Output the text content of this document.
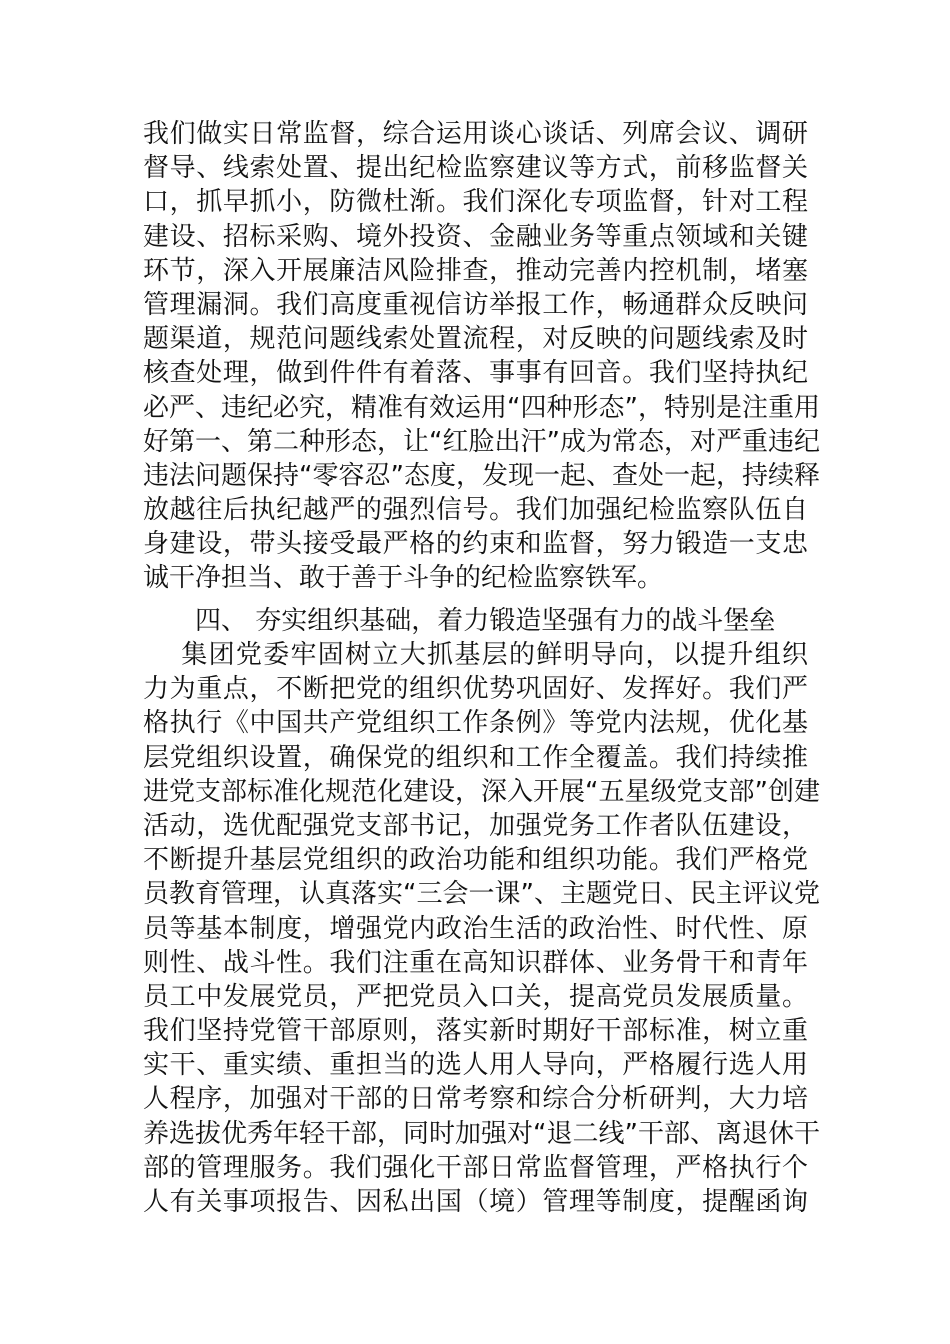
我们做实日常监督，综合运用谈心谈话、列席会议、调研
督导、线索处置、提出纪检监察建议等方式，前移监督关
口，抓早抓小，防微杜渐。我们深化专项监督，针对工程
建设、招标采购、境外投资、金融业务等重点领域和关键
环节，深入开展廉洁风险排查，推动完善内控机制，堵塞
管理漏洞。我们高度重视信访举报工作，畅通群众反映问
题渠道，规范问题线索处置流程，对反映的问题线索及时
核查处理，做到件件有着落、事事有回音。我们坚持执纪
必严、违纪必究，精准有效运用“四种形态”，特别是注重用
好第一、第二种形态，让“红脸出汗”成为常态，对严重违纪
违法问题保持“零容忍”态度，发现一起、查处一起，持续释
放越往后执纪越严的强烈信号。我们加强纪检监察队伍自
身建设，带头接受最严格的约束和监督，努力锻造一支忠
诚干净担当、敢于善于斗争的纪检监察铁军。
四、 夯实组织基础，着力锻造坚强有力的战斗堡垒
集团党委牢固树立大抓基层的鲜明导向，以提升组织
力为重点，不断把党的组织优势巩固好、发挥好。我们严
格执行《中国共产党组织工作条例》等党内法规，优化基
层党组织设置，确保党的组织和工作全覆盖。我们持续推
进党支部标准化规范化建设，深入开展“五星级党支部”创建
活动，选优配强党支部书记，加强党务工作者队伍建设，
不断提升基层党组织的政治功能和组织功能。我们严格党
员教育管理，认真落实“三会一课”、主题党日、民主评议党
员等基本制度，增强党内政治生活的政治性、时代性、原
则性、战斗性。我们注重在高知识群体、业务骨干和青年
员工中发展党员，严把党员入口关，提高党员发展质量。
我们坚持党管干部原则，落实新时期好干部标准，树立重
实干、重实绩、重担当的选人用人导向，严格履行选人用
人程序，加强对干部的日常考察和综合分析研判，大力培
养选拔优秀年轻干部，同时加强对“退二线”干部、离退休干
部的管理服务。我们强化干部日常监督管理，严格执行个
人有关事项报告、因私出国（境）管理等制度，提醒函询
